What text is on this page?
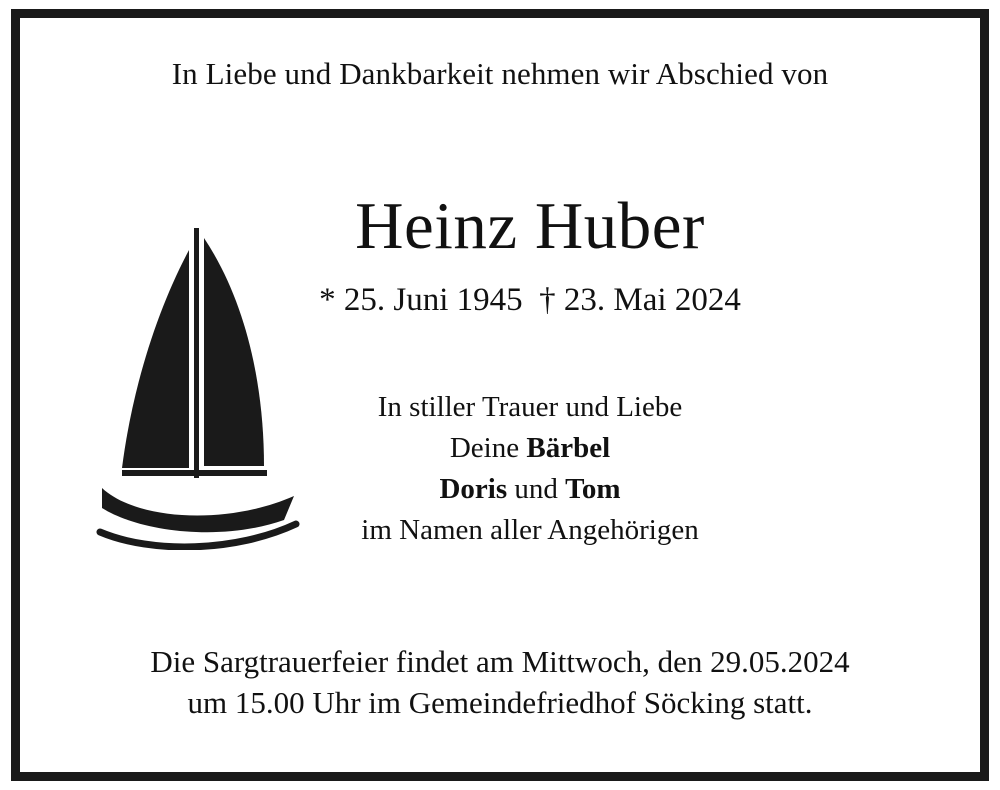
In Liebe und Dankbarkeit nehmen wir Abschied von
Heinz Huber
* 25. Juni 1945  † 23. Mai 2024
In stiller Trauer und Liebe
Deine Bärbel
Doris und Tom
im Namen aller Angehörigen
Die Sargtrauerfeier findet am Mittwoch, den 29.05.2024
um 15.00 Uhr im Gemeindefriedhof Söcking statt.
